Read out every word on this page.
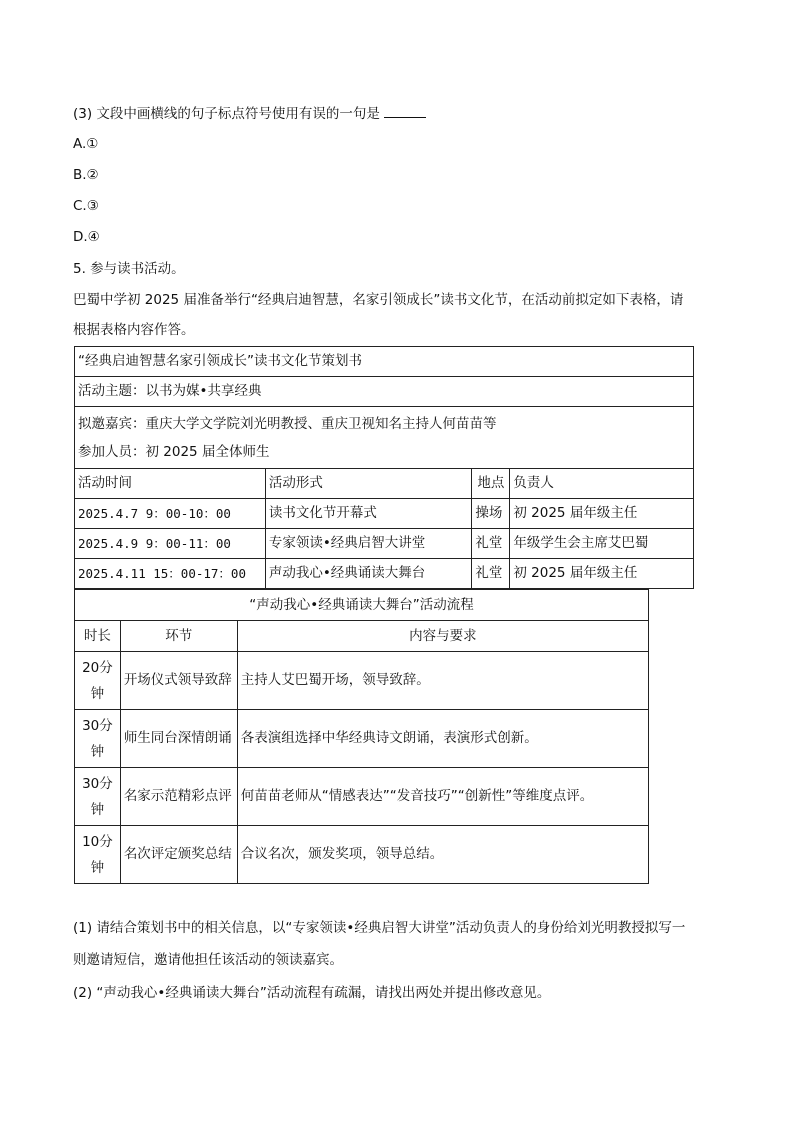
(3) 文段中画横线的句子标点符号使用有误的一句是
A.①
B.②
C.③
D.④
5. 参与读书活动。
巴蜀中学初 2025 届准备举行“经典启迪智慧，名家引领成长”读书文化节，在活动前拟定如下表格，请
根据表格内容作答。
“经典启迪智慧名家引领成长”读书文化节策划书			
活动主题：以书为媒•共享经典			

拟邀嘉宾：重庆大学文学院刘光明教授、重庆卫视知名主持人何苗苗等
参加人员：初 2025 届全体师生			

活动时间	活动形式	地点	负责人
2025.4.7 9：00-10：00	读书文化节开幕式	操场	初 2025 届年级主任
2025.4.9 9：00-11：00	专家领读•经典启智大讲堂	礼堂	年级学生会主席艾巴蜀
2025.4.11 15：00-17：00	声动我心•经典诵读大舞台	礼堂	初 2025 届年级主任
“声动我心•经典诵读大舞台”活动流程		
时长	环节	内容与要求
20分钟	开场仪式领导致辞	主持人艾巴蜀开场，领导致辞。
30分钟	师生同台深情朗诵	各表演组选择中华经典诗文朗诵，表演形式创新。
30分钟	名家示范精彩点评	何苗苗老师从“情感表达”“发音技巧”“创新性”等维度点评。
10分钟	名次评定颁奖总结	合议名次，颁发奖项，领导总结。
(1) 请结合策划书中的相关信息，以“专家领读•经典启智大讲堂”活动负责人的身份给刘光明教授拟写一
则邀请短信，邀请他担任该活动的领读嘉宾。
(2) “声动我心•经典诵读大舞台”活动流程有疏漏，请找出两处并提出修改意见。
